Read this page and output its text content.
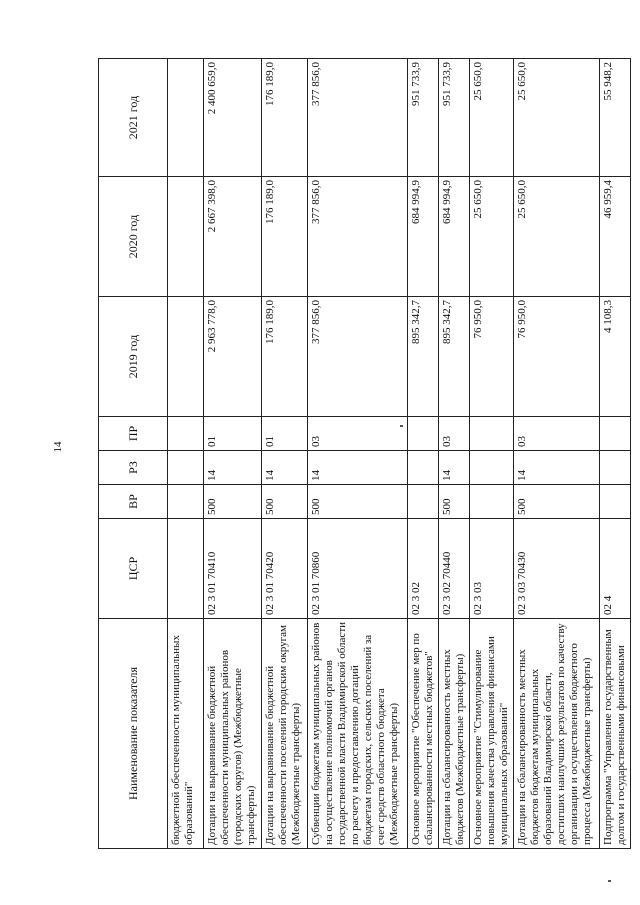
14
Наименование показателя	ЦСР	ВР	РЗ	ПР	2019 год	2020 год	2021 год
бюджетной обеспеченности муниципальных образований"							
Дотации на выравнивание бюджетной обеспеченности муниципальных районов (городских округов) (Межбюджетные трансферты)	02 3 01 70410	500	14	01	2 963 778,0	2 667 398,0	2 400 659,0
Дотации на выравнивание бюджетной обеспеченности поселений городским округам (Межбюджетные трансферты)	02 3 01 70420	500	14	01	176 189,0	176 189,0	176 189,0
Субвенции бюджетам муниципальных районов на осуществление полномочий органов государственной власти Владимирской области по расчету и предоставлению дотаций бюджетам городских, сельских поселений за счет средств областного бюджета (Межбюджетные трансферты)	02 3 01 70860	500	14	03	377 856,0	377 856,0	377 856,0
Основное мероприятие "Обеспечение мер по сбалансированности местных бюджетов"	02 3 02				895 342,7	684 994,9	951 733,9
Дотации на сбалансированность местных бюджетов (Межбюджетные трансферты)	02 3 02 70440	500	14	03	895 342,7	684 994,9	951 733,9
Основное мероприятие "Стимулирование повышения качества управления финансами муниципальных образований"	02 3 03				76 950,0	25 650,0	25 650,0
Дотации на сбалансированность местных бюджетов бюджетам муниципальных образований Владимирской области, достигших наилучших результатов по качеству организации и осуществления бюджетного процесса (Межбюджетные трансферты)	02 3 03 70430	500	14	03	76 950,0	25 650,0	25 650,0
Подпрограмма "Управление государственным долгом и государственными финансовыми	02 4				4 108,3	46 959,4	55 948,2
